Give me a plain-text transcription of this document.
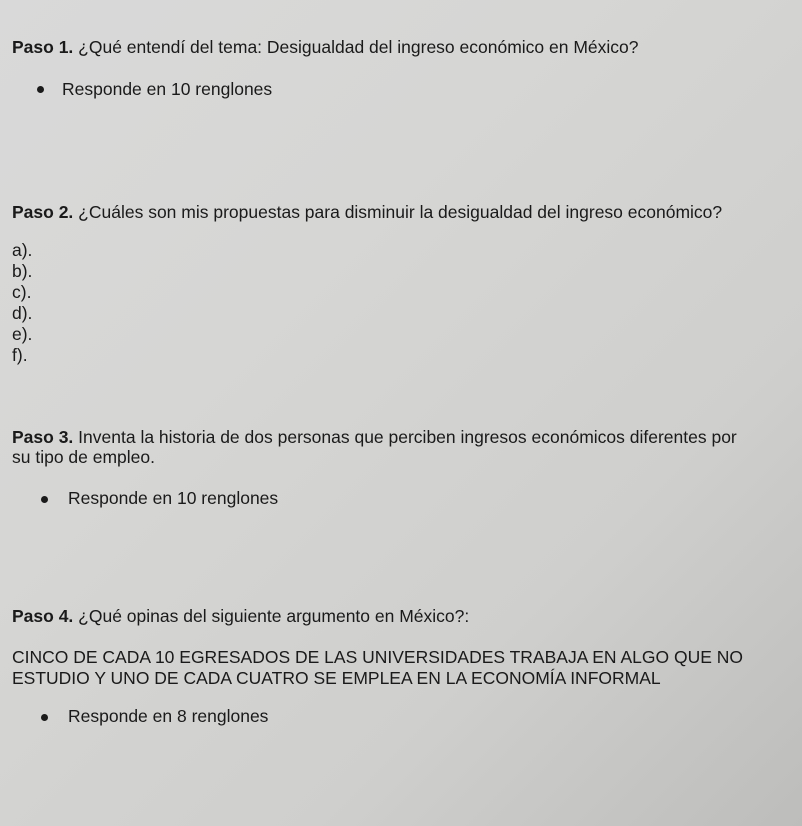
Paso 1. ¿Qué entendí del tema: Desigualdad del ingreso económico en México?
Responde en 10 renglones
Paso 2. ¿Cuáles son mis propuestas para disminuir la desigualdad del ingreso económico?
a).
b).
c).
d).
e).
f).
Paso 3. Inventa la historia de dos personas que perciben ingresos económicos diferentes por
su tipo de empleo.
Responde en 10 renglones
Paso 4. ¿Qué opinas del siguiente argumento en México?:
CINCO DE CADA 10 EGRESADOS DE LAS UNIVERSIDADES TRABAJA EN ALGO QUE NO
ESTUDIO Y UNO DE CADA CUATRO SE EMPLEA EN LA ECONOMÍA INFORMAL
Responde en 8 renglones
